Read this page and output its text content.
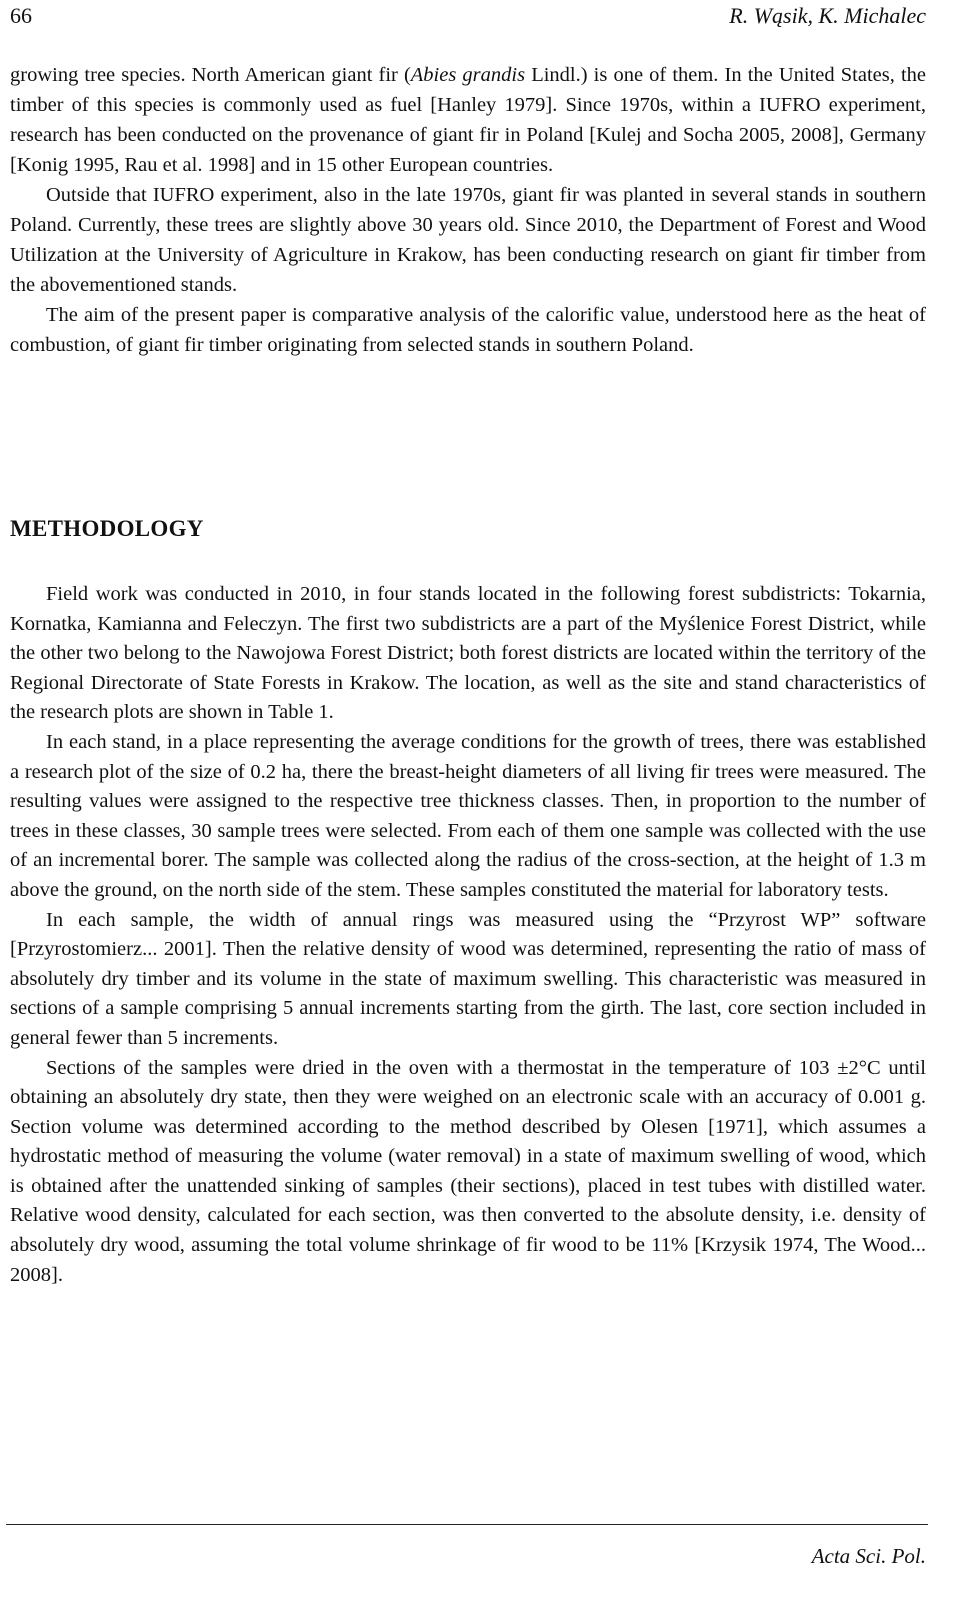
66	R. Wąsik, K. Michalec

growing tree species. North American giant fir (Abies grandis Lindl.) is one of them. In the United States, the timber of this species is commonly used as fuel [Hanley 1979]. Since 1970s, within a IUFRO experiment, research has been conducted on the provenance of giant fir in Poland [Kulej and Socha 2005, 2008], Germany [Konig 1995, Rau et al. 1998] and in 15 other European countries.

Outside that IUFRO experiment, also in the late 1970s, giant fir was planted in several stands in southern Poland. Currently, these trees are slightly above 30 years old. Since 2010, the Department of Forest and Wood Utilization at the University of Agriculture in Krakow, has been conducting research on giant fir timber from the abovementioned stands.

The aim of the present paper is comparative analysis of the calorific value, understood here as the heat of combustion, of giant fir timber originating from selected stands in southern Poland.

METHODOLOGY

Field work was conducted in 2010, in four stands located in the following forest subdistricts: Tokarnia, Kornatka, Kamianna and Feleczyn. The first two subdistricts are a part of the Myślenice Forest District, while the other two belong to the Nawojowa Forest District; both forest districts are located within the territory of the Regional Directorate of State Forests in Krakow. The location, as well as the site and stand characteristics of the research plots are shown in Table 1.

In each stand, in a place representing the average conditions for the growth of trees, there was established a research plot of the size of 0.2 ha, there the breast-height diameters of all living fir trees were measured. The resulting values were assigned to the respective tree thickness classes. Then, in proportion to the number of trees in these classes, 30 sample trees were selected. From each of them one sample was collected with the use of an incremental borer. The sample was collected along the radius of the cross-section, at the height of 1.3 m above the ground, on the north side of the stem. These samples constituted the material for laboratory tests.

In each sample, the width of annual rings was measured using the “Przyrost WP” software [Przyrostomierz... 2001]. Then the relative density of wood was determined, representing the ratio of mass of absolutely dry timber and its volume in the state of maximum swelling. This characteristic was measured in sections of a sample comprising 5 annual increments starting from the girth. The last, core section included in general fewer than 5 increments.

Sections of the samples were dried in the oven with a thermostat in the temperature of 103 ±2°C until obtaining an absolutely dry state, then they were weighed on an electronic scale with an accuracy of 0.001 g. Section volume was determined according to the method described by Olesen [1971], which assumes a hydrostatic method of measuring the volume (water removal) in a state of maximum swelling of wood, which is obtained after the unattended sinking of samples (their sections), placed in test tubes with distilled water. Relative wood density, calculated for each section, was then converted to the absolute density, i.e. density of absolutely dry wood, assuming the total volume shrinkage of fir wood to be 11% [Krzysik 1974, The Wood... 2008].

Acta Sci. Pol.
